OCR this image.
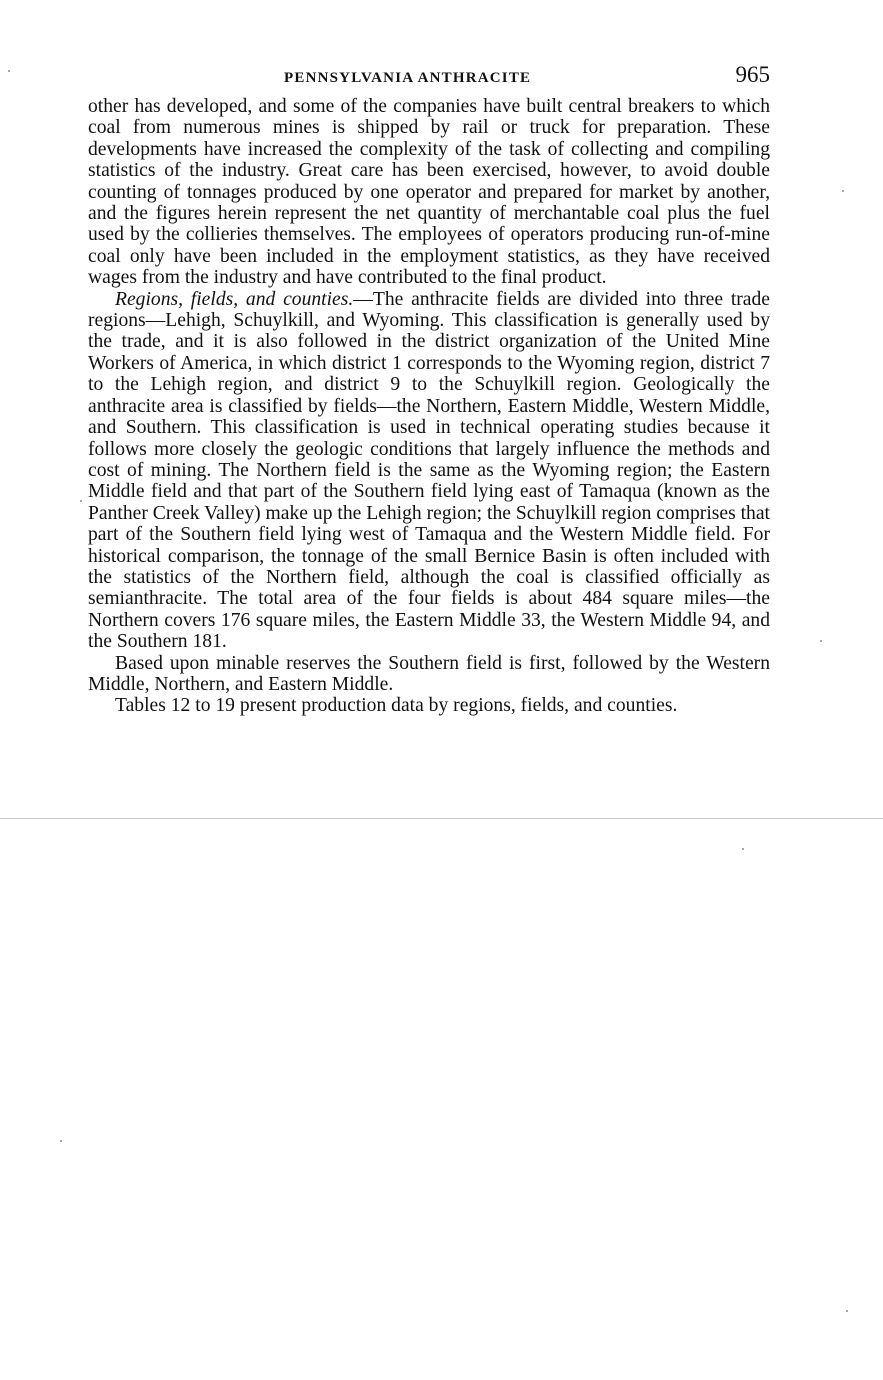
PENNSYLVANIA ANTHRACITE	965

other has developed, and some of the companies have built central breakers to which coal from numerous mines is shipped by rail or truck for preparation. These developments have increased the complexity of the task of collecting and compiling statistics of the industry. Great care has been exercised, however, to avoid double counting of tonnages produced by one operator and prepared for market by another, and the figures herein represent the net quantity of merchantable coal plus the fuel used by the collieries themselves. The employees of operators producing run-of-mine coal only have been included in the employment statistics, as they have received wages from the industry and have contributed to the final product.

Regions, fields, and counties.—The anthracite fields are divided into three trade regions—Lehigh, Schuylkill, and Wyoming. This classification is generally used by the trade, and it is also followed in the district organization of the United Mine Workers of America, in which district 1 corresponds to the Wyoming region, district 7 to the Lehigh region, and district 9 to the Schuylkill region. Geologically the anthracite area is classified by fields—the Northern, Eastern Middle, Western Middle, and Southern. This classification is used in technical operating studies because it follows more closely the geologic conditions that largely influence the methods and cost of mining. The Northern field is the same as the Wyoming region; the Eastern Middle field and that part of the Southern field lying east of Tamaqua (known as the Panther Creek Valley) make up the Lehigh region; the Schuylkill region comprises that part of the Southern field lying west of Tamaqua and the Western Middle field. For historical comparison, the tonnage of the small Bernice Basin is often included with the statistics of the Northern field, although the coal is classified officially as semianthracite. The total area of the four fields is about 484 square miles—the Northern covers 176 square miles, the Eastern Middle 33, the Western Middle 94, and the Southern 181.

Based upon minable reserves the Southern field is first, followed by the Western Middle, Northern, and Eastern Middle.

Tables 12 to 19 present production data by regions, fields, and counties.
